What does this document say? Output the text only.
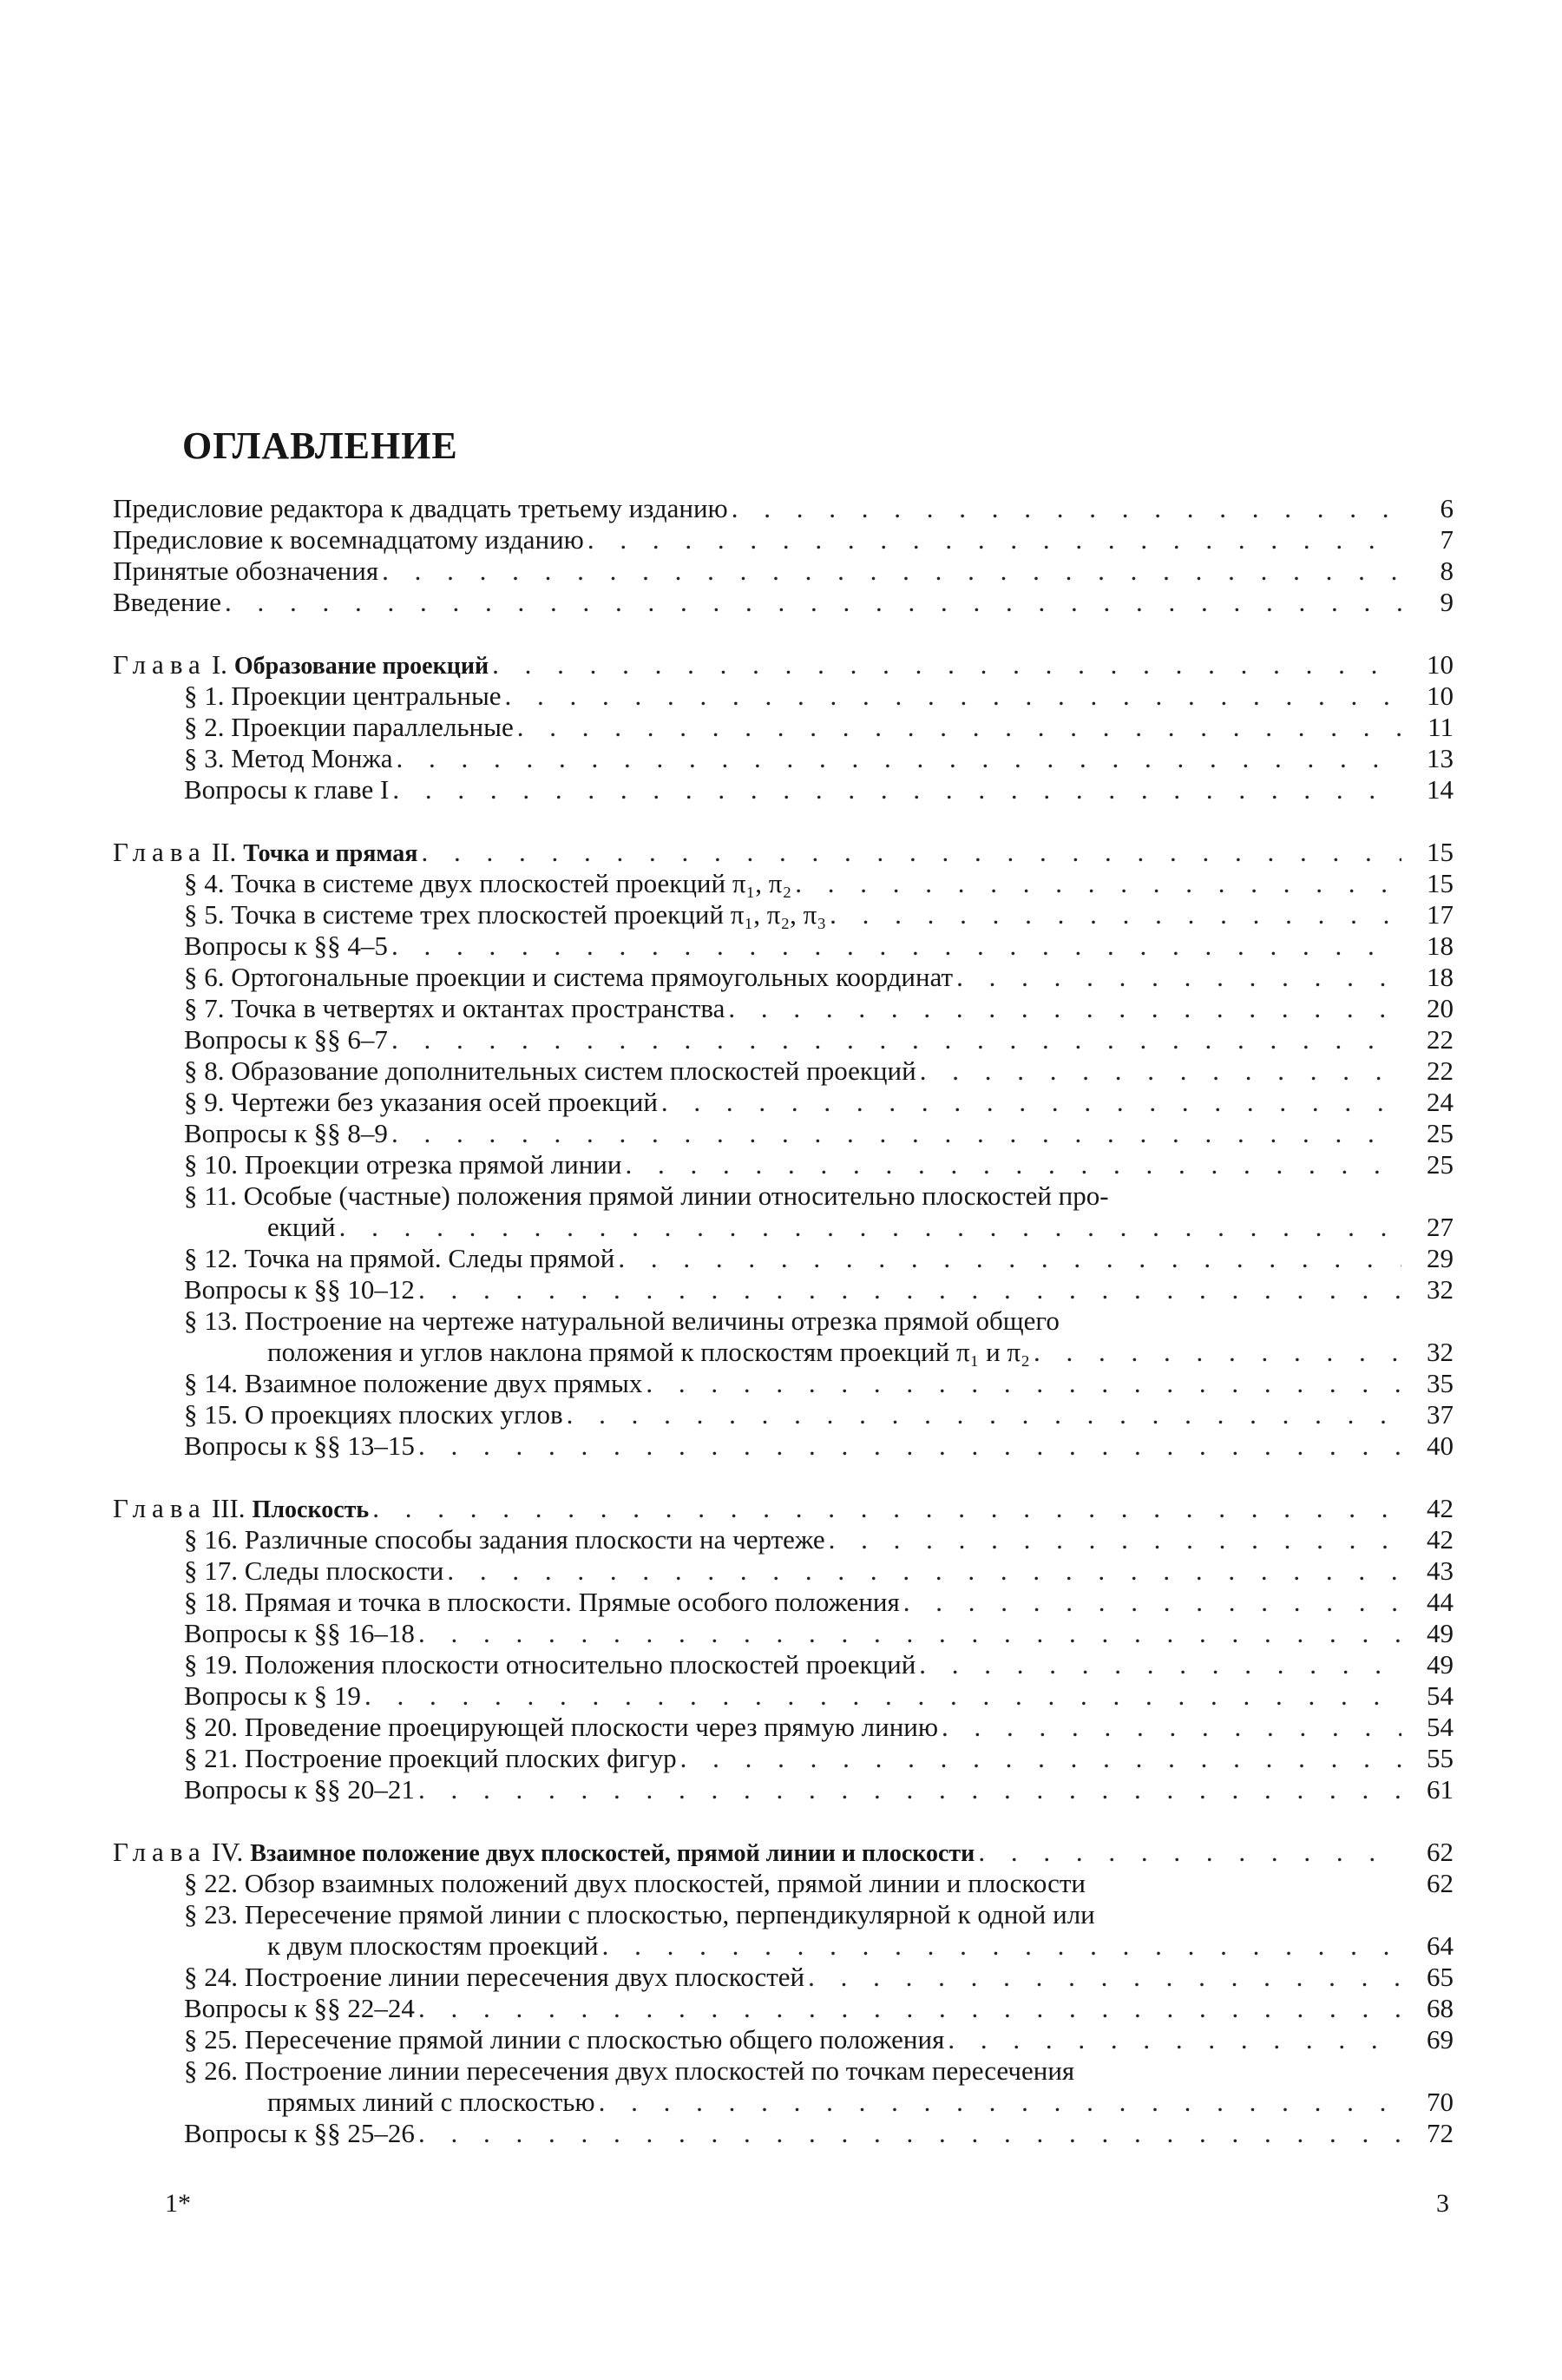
ОГЛАВЛЕНИЕ
Предисловие редактора к двадцать третьему изданию . . .	6
Предисловие к восемнадцатому изданию . . .	7
Принятые обозначения . . .	8
Введение . . .	9
Глава I. Образование проекций . . .	10
§ 1. Проекции центральные . . .	10
§ 2. Проекции параллельные . . .	11
§ 3. Метод Монжа . . .	13
Вопросы к главе I . . .	14
Глава II. Точка и прямая . . .	15
§ 4. Точка в системе двух плоскостей проекций π₁, π₂ . . .	15
§ 5. Точка в системе трех плоскостей проекций π₁, π₂, π₃ . . .	17
Вопросы к §§ 4–5 . . .	18
§ 6. Ортогональные проекции и система прямоугольных координат . . .	18
§ 7. Точка в четвертях и октантах пространства . . .	20
Вопросы к §§ 6–7 . . .	22
§ 8. Образование дополнительных систем плоскостей проекций . . .	22
§ 9. Чертежи без указания осей проекций . . .	24
Вопросы к §§ 8–9 . . .	25
§ 10. Проекции отрезка прямой линии . . .	25
§ 11. Особые (частные) положения прямой линии относительно плоскостей про-
екций . . .	27
§ 12. Точка на прямой. Следы прямой . . .	29
Вопросы к §§ 10–12 . . .	32
§ 13. Построение на чертеже натуральной величины отрезка прямой общего
положения и углов наклона прямой к плоскостям проекций π₁ и π₂ . . .	32
§ 14. Взаимное положение двух прямых . . .	35
§ 15. О проекциях плоских углов . . .	37
Вопросы к §§ 13–15 . . .	40
Глава III. Плоскость . . .	42
§ 16. Различные способы задания плоскости на чертеже . . .	42
§ 17. Следы плоскости . . .	43
§ 18. Прямая и точка в плоскости. Прямые особого положения . . .	44
Вопросы к §§ 16–18 . . .	49
§ 19. Положения плоскости относительно плоскостей проекций . . .	49
Вопросы к § 19 . . .	54
§ 20. Проведение проецирующей плоскости через прямую линию . . .	54
§ 21. Построение проекций плоских фигур . . .	55
Вопросы к §§ 20–21 . . .	61
Глава IV. Взаимное положение двух плоскостей, прямой линии и плоскости . . .	62
§ 22. Обзор взаимных положений двух плоскостей, прямой линии и плоскости	62
§ 23. Пересечение прямой линии с плоскостью, перпендикулярной к одной или
к двум плоскостям проекций . . .	64
§ 24. Построение линии пересечения двух плоскостей . . .	65
Вопросы к §§ 22–24 . . .	68
§ 25. Пересечение прямой линии с плоскостью общего положения . . .	69
§ 26. Построение линии пересечения двух плоскостей по точкам пересечения
прямых линий с плоскостью . . .	70
Вопросы к §§ 25–26 . . .	72
1*	3
